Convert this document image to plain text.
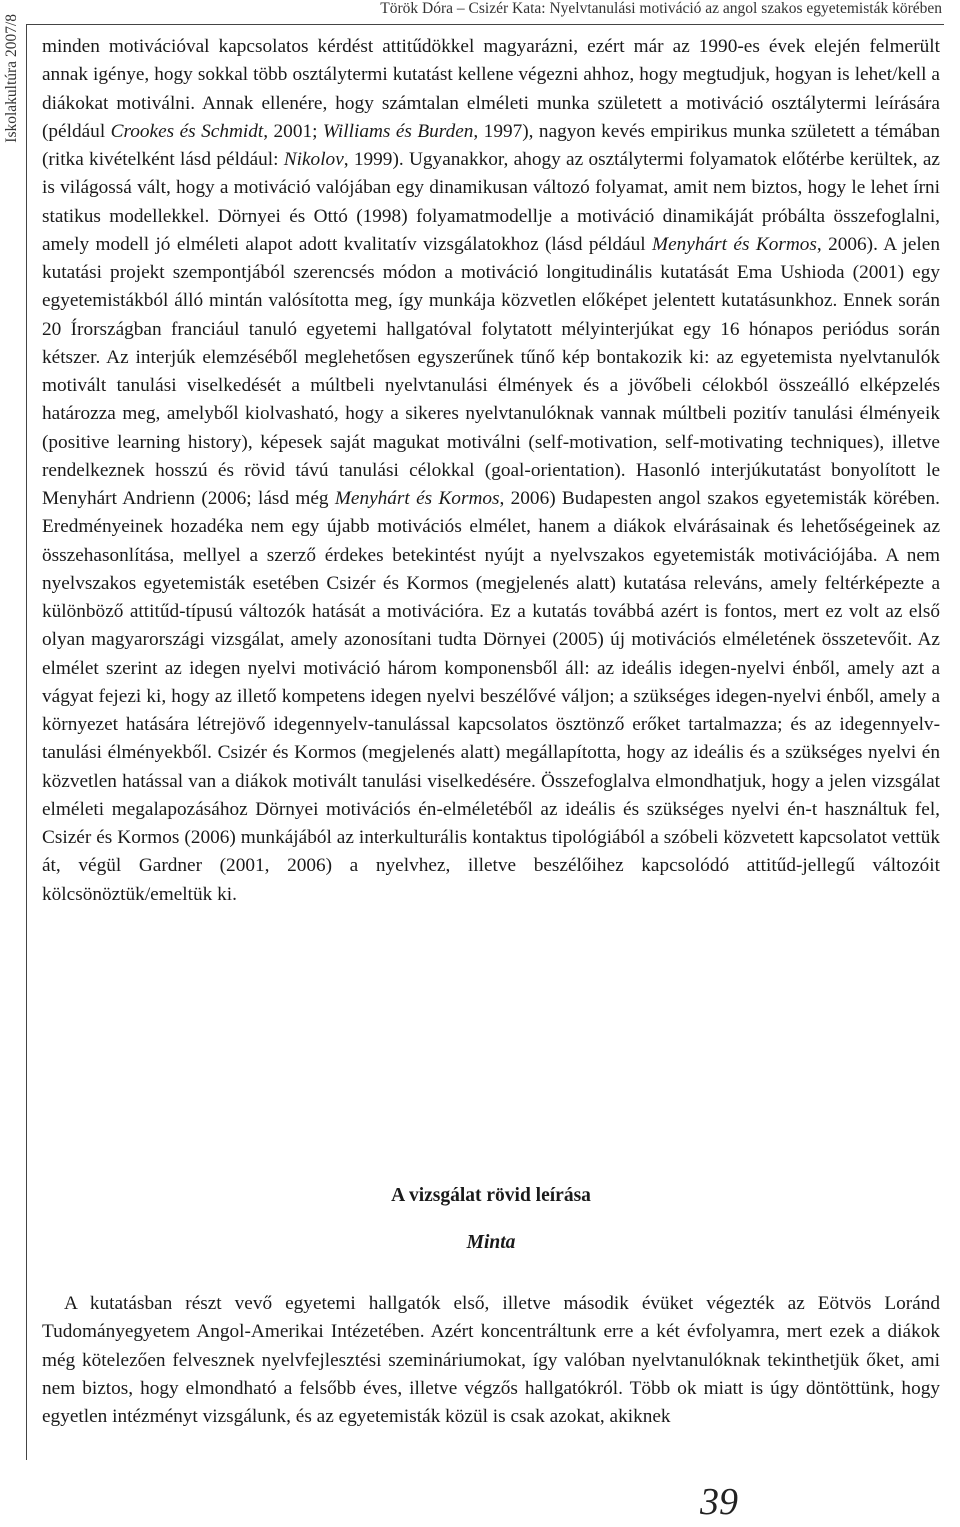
Török Dóra – Csizér Kata: Nyelvtanulási motiváció az angol szakos egyetemisták körében
Iskolakultúra 2007/8 minden motivációval kapcsolatos kérdést attitűdökkel magyarázni, ezért már az 1990-es évek elején felmerült annak igénye, hogy sokkal több osztálytermi kutatást kellene végezni ahhoz, hogy megtudjuk, hogyan is lehet/kell a diákokat motiválni. Annak ellenére, hogy számtalan elméleti munka született a motiváció osztálytermi leírására (például Crookes és Schmidt, 2001; Williams és Burden, 1997), nagyon kevés empirikus munka született a témában (ritka kivételként lásd például: Nikolov, 1999). Ugyanakkor, ahogy az osztálytermi folyamatok előtérbe kerültek, az is világossá vált, hogy a motiváció valójában egy dinamikusan változó folyamat, amit nem biztos, hogy le lehet írni statikus modellekkel. Dörnyei és Ottó (1998) folyamatmodellje a motiváció dinamikáját próbálta összefoglalni, amely modell jó elméleti alapot adott kvalitatív vizsgálatokhoz (lásd például Menyhárt és Kormos, 2006). A jelen kutatási projekt szempontjából szerencsés módon a motiváció longitudinális kutatását Ema Ushioda (2001) egy egyetemistákból álló mintán valósította meg, így munkája közvetlen előképet jelentett kutatásunkhoz. Ennek során 20 Írországban franciául tanuló egyetemi hallgatóval folytatott mélyinterjúkat egy 16 hónapos periódus során kétszer. Az interjúk elemzéséből meglehetősen egyszerűnek tűnő kép bontakozik ki: az egyetemista nyelvtanulók motivált tanulási viselkedését a múltbeli nyelvtanulási élmények és a jövőbeli célokból összeálló elképzelés határozza meg, amelyből kiolvasható, hogy a sikeres nyelvtanulóknak vannak múltbeli pozitív tanulási élményeik (positive learning history), képesek saját magukat motiválni (self-motivation, self-motivating techniques), illetve rendelkeznek hosszú és rövid távú tanulási célokkal (goal-orientation). Hasonló interjúkutatást bonyolított le Menyhárt Andrienn (2006; lásd még Menyhárt és Kormos, 2006) Budapesten angol szakos egyetemisták körében. Eredményeinek hozadéka nem egy újabb motivációs elmélet, hanem a diákok elvárásainak és lehetőségeinek az összehasonlítása, mellyel a szerző érdekes betekintést nyújt a nyelvszakos egyetemisták motivációjába. A nem nyelvszakos egyetemisták esetében Csizér és Kormos (megjelenés alatt) kutatása releváns, amely feltérképezte a különböző attitűd-típusú változók hatását a motivációra. Ez a kutatás továbbá azért is fontos, mert ez volt az első olyan magyarországi vizsgálat, amely azonosítani tudta Dörnyei (2005) új motivációs elméletének összetevőit. Az elmélet szerint az idegen nyelvi motiváció három komponensből áll: az ideális idegen-nyelvi énből, amely azt a vágyat fejezi ki, hogy az illető kompetens idegen nyelvi beszélővé váljon; a szükséges idegen-nyelvi énből, amely a környezet hatására létrejövő idegennyelv-tanulással kapcsolatos ösztönző erőket tartalmazza; és az idegennyelv-tanulási élményekből. Csizér és Kormos (megjelenés alatt) megállapította, hogy az ideális és a szükséges nyelvi én közvetlen hatással van a diákok motivált tanulási viselkedésére. Összefoglalva elmondhatjuk, hogy a jelen vizsgálat elméleti megalapozásához Dörnyei motivációs én-elméletéből az ideális és szükséges nyelvi én-t használtuk fel, Csizér és Kormos (2006) munkájából az interkulturális kontaktus tipológiából a szóbeli közvetett kapcsolatot vettük át, végül Gardner (2001, 2006) a nyelvhez, illetve beszélőihez kapcsolódó attitűd-jellegű változóit kölcsönöztük/emeltük ki.

A vizsgálat rövid leírása
Minta

A kutatásban részt vevő egyetemi hallgatók első, illetve második évüket végezték az Eötvös Loránd Tudományegyetem Angol-Amerikai Intézetében. Azért koncentráltunk erre a két évfolyamra, mert ezek a diákok még kötelezően felvesznek nyelvfejlesztési szemináriumokat, így valóban nyelvtanulóknak tekinthetjük őket, ami nem biztos, hogy elmondható a felsőbb éves, illetve végzős hallgatókról. Több ok miatt is úgy döntöttünk, hogy egyetlen intézményt vizsgálunk, és az egyetemisták közül is csak azokat, akiknek

39
